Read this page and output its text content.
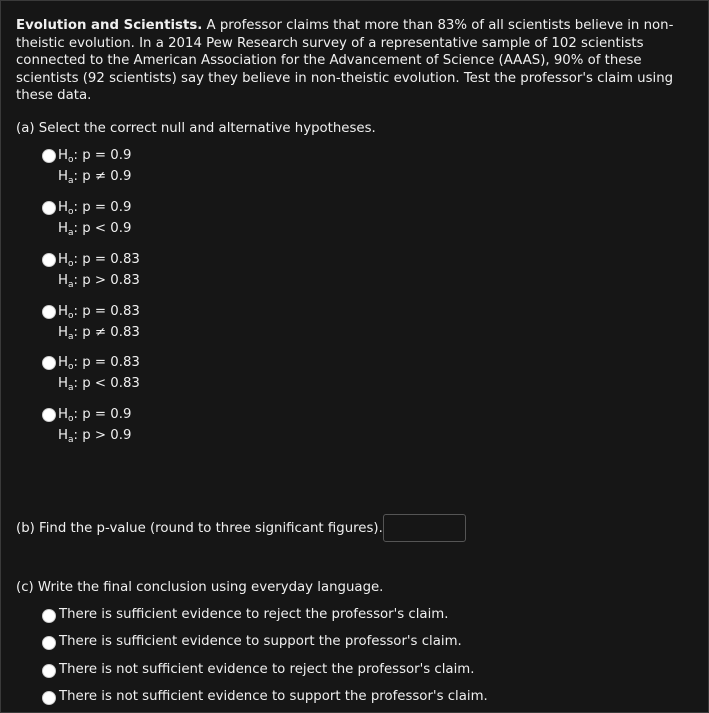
Evolution and Scientists. A professor claims that more than 83% of all scientists believe in non-theistic evolution. In a 2014 Pew Research survey of a representative sample of 102 scientists connected to the American Association for the Advancement of Science (AAAS), 90% of these scientists (92 scientists) say they believe in non-theistic evolution. Test the professor's claim using these data.
(a) Select the correct null and alternative hypotheses.
$H_o$: p = 0.9
$H_a$: p ≠ 0.9
$H_o$: p = 0.9
$H_a$: p < 0.9
$H_o$: p = 0.83
$H_a$: p > 0.83
$H_o$: p = 0.83
$H_a$: p ≠ 0.83
$H_o$: p = 0.83
$H_a$: p < 0.83
$H_o$: p = 0.9
$H_a$: p > 0.9
(b) Find the p-value (round to three significant figures).
(c) Write the final conclusion using everyday language.
There is sufficient evidence to reject the professor's claim.
There is sufficient evidence to support the professor's claim.
There is not sufficient evidence to reject the professor's claim.
There is not sufficient evidence to support the professor's claim.
